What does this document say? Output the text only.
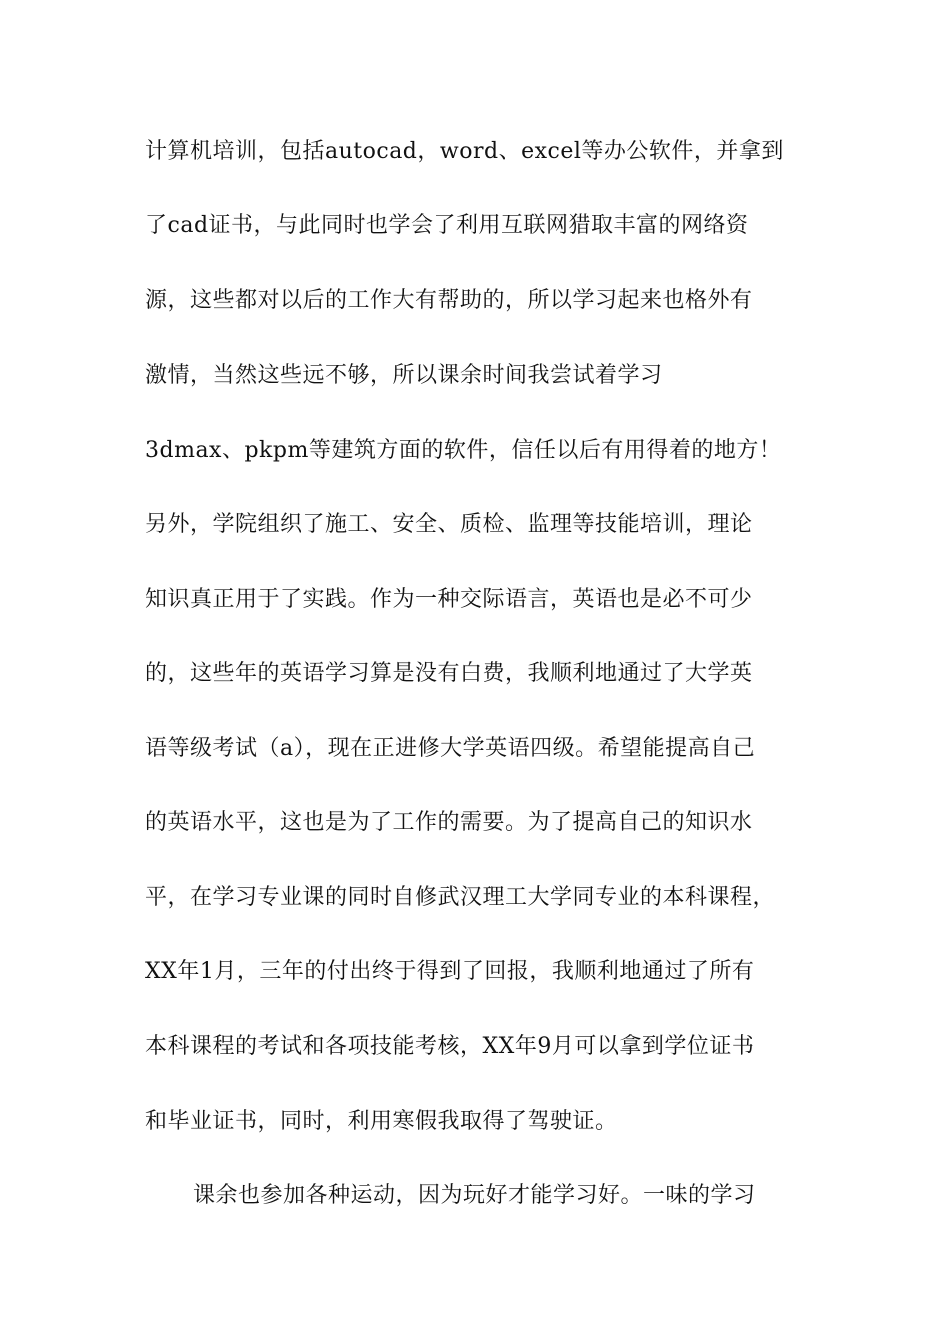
计算机培训，包括autocad，word、excel等办公软件，并拿到
了cad证书，与此同时也学会了利用互联网猎取丰富的网络资
源，这些都对以后的工作大有帮助的，所以学习起来也格外有
激情，当然这些远不够，所以课余时间我尝试着学习
3dmax、pkpm等建筑方面的软件，信任以后有用得着的地方！
另外，学院组织了施工、安全、质检、监理等技能培训，理论
知识真正用于了实践。作为一种交际语言，英语也是必不可少
的，这些年的英语学习算是没有白费，我顺利地通过了大学英
语等级考试（a），现在正进修大学英语四级。希望能提高自己
的英语水平，这也是为了工作的需要。为了提高自己的知识水
平，在学习专业课的同时自修武汉理工大学同专业的本科课程，
XX年1月，三年的付出终于得到了回报，我顺利地通过了所有
本科课程的考试和各项技能考核，XX年9月可以拿到学位证书
和毕业证书，同时，利用寒假我取得了驾驶证。
课余也参加各种运动，因为玩好才能学习好。一味的学习
